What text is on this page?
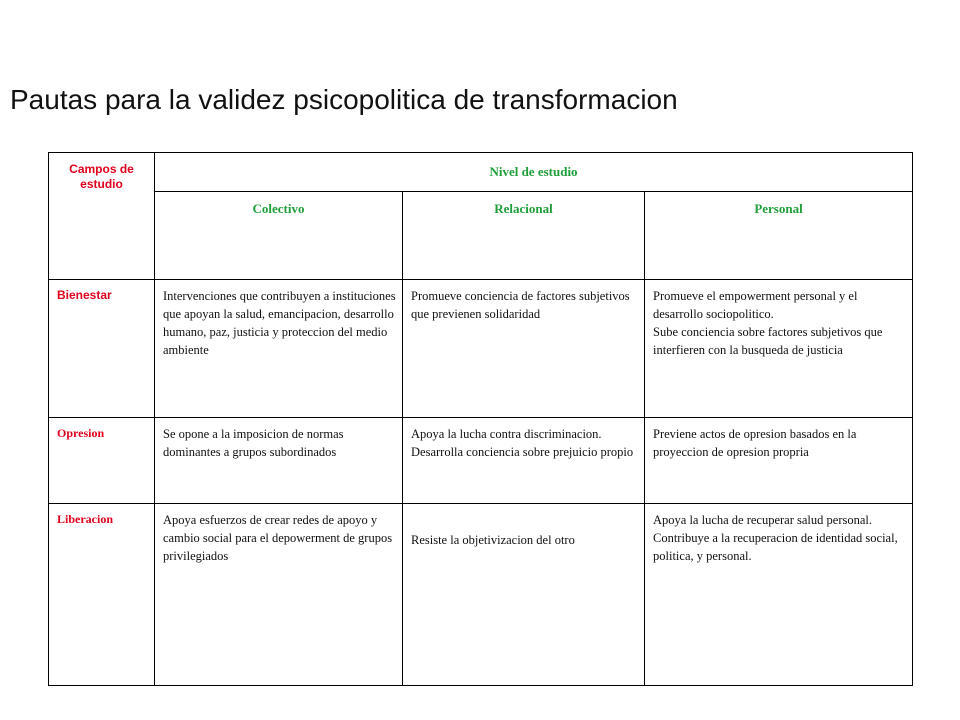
Pautas para la validez psicopolitica de transformacion
Campos de estudio	Nivel de estudio		
	Colectivo	Relacional	Personal
Bienestar	Intervenciones que contribuyen a instituciones que apoyan la salud, emancipacion, desarrollo humano, paz, justicia y proteccion del medio ambiente	Promueve conciencia de factores subjetivos que previenen solidaridad	Promueve el empowerment personal y el desarrollo sociopolitico.
Sube conciencia sobre factores subjetivos que interfieren con la busqueda de justicia

Opresion	Se opone a la imposicion de normas dominantes a grupos subordinados	Apoya la lucha contra discriminacion. Desarrolla conciencia sobre prejuicio propio	Previene actos de opresion basados en la proyeccion de opresion propria
Liberacion	Apoya esfuerzos de crear redes de apoyo y cambio social para el depowerment de grupos privilegiados	Resiste la objetivizacion del otro	Apoya la lucha de recuperar salud personal.
Contribuye a la recuperacion de identidad social, politica, y personal.
